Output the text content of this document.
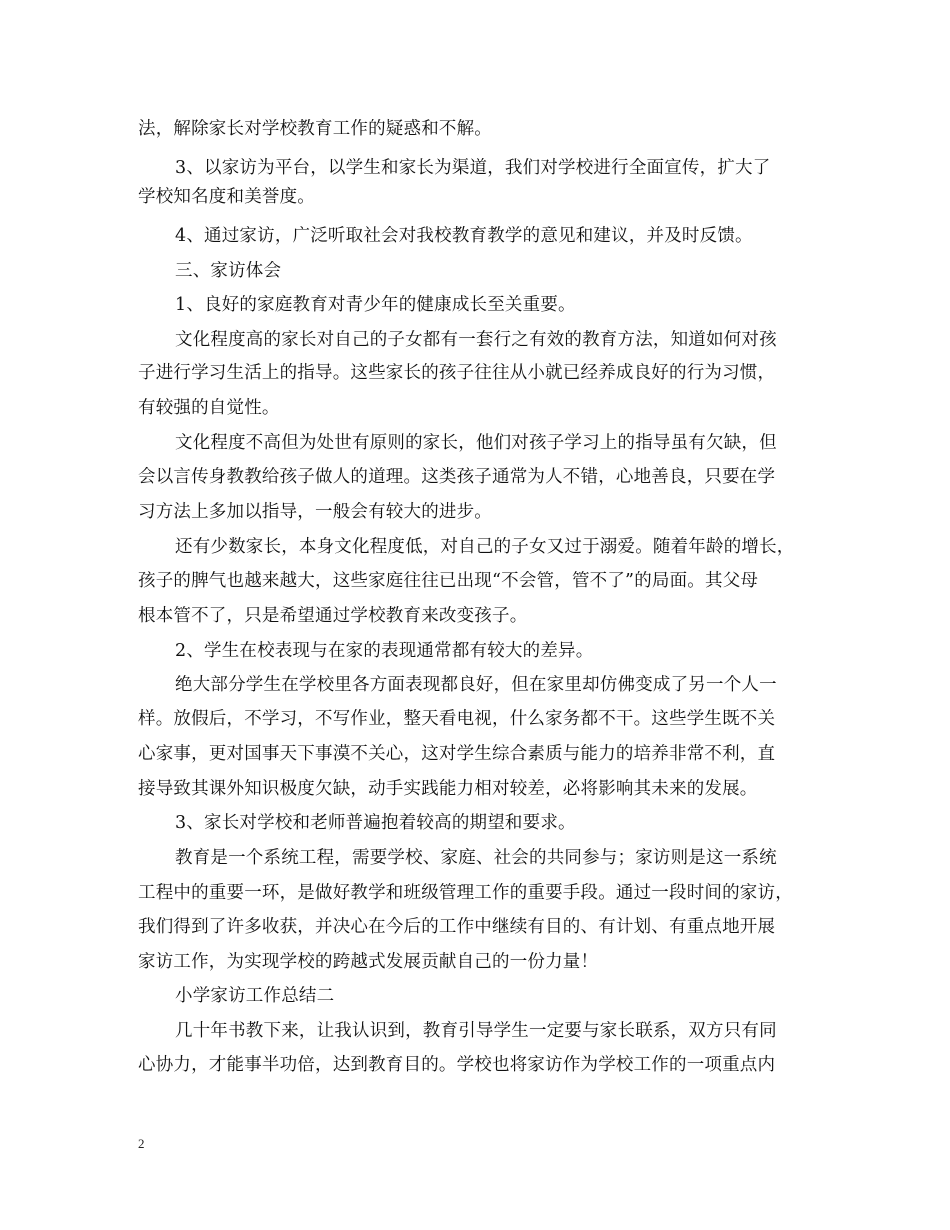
法，解除家长对学校教育工作的疑惑和不解。
3、以家访为平台，以学生和家长为渠道，我们对学校进行全面宣传，扩大了
学校知名度和美誉度。
4、通过家访，广泛听取社会对我校教育教学的意见和建议，并及时反馈。
三、家访体会
1、良好的家庭教育对青少年的健康成长至关重要。
文化程度高的家长对自己的子女都有一套行之有效的教育方法，知道如何对孩
子进行学习生活上的指导。这些家长的孩子往往从小就已经养成良好的行为习惯，
有较强的自觉性。
文化程度不高但为处世有原则的家长，他们对孩子学习上的指导虽有欠缺，但
会以言传身教教给孩子做人的道理。这类孩子通常为人不错，心地善良，只要在学
习方法上多加以指导，一般会有较大的进步。
还有少数家长，本身文化程度低，对自己的子女又过于溺爱。随着年龄的增长，
孩子的脾气也越来越大，这些家庭往往已出现“不会管，管不了”的局面。其父母
根本管不了，只是希望通过学校教育来改变孩子。
2、学生在校表现与在家的表现通常都有较大的差异。
绝大部分学生在学校里各方面表现都良好，但在家里却仿佛变成了另一个人一
样。放假后，不学习，不写作业，整天看电视，什么家务都不干。这些学生既不关
心家事，更对国事天下事漠不关心，这对学生综合素质与能力的培养非常不利，直
接导致其课外知识极度欠缺，动手实践能力相对较差，必将影响其未来的发展。
3、家长对学校和老师普遍抱着较高的期望和要求。
教育是一个系统工程，需要学校、家庭、社会的共同参与；家访则是这一系统
工程中的重要一环，是做好教学和班级管理工作的重要手段。通过一段时间的家访，
我们得到了许多收获，并决心在今后的工作中继续有目的、有计划、有重点地开展
家访工作，为实现学校的跨越式发展贡献自己的一份力量！
小学家访工作总结二
几十年书教下来，让我认识到，教育引导学生一定要与家长联系，双方只有同
心协力，才能事半功倍，达到教育目的。学校也将家访作为学校工作的一项重点内
2
